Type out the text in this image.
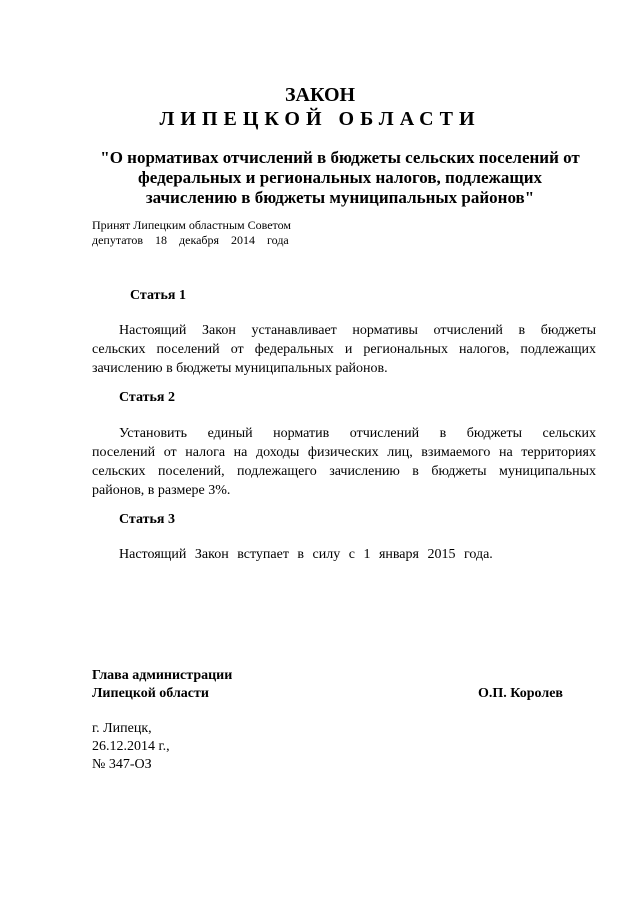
ЗАКОН
ЛИПЕЦКОЙ ОБЛАСТИ
"О нормативах отчислений в бюджеты сельских поселений от
федеральных и региональных налогов, подлежащих
зачислению в бюджеты муниципальных районов"
Принят Липецким областным Советом
депутатов 18 декабря 2014 года
Статья 1
Настоящий Закон устанавливает нормативы отчислений в бюджеты
сельских поселений от федеральных и региональных налогов, подлежащих
зачислению в бюджеты муниципальных районов.
Статья 2
Установить единый норматив отчислений в бюджеты сельских
поселений от налога на доходы физических лиц, взимаемого на территориях
сельских поселений, подлежащего зачислению в бюджеты муниципальных
районов, в размере 3%.
Статья 3
Настоящий Закон вступает в силу с 1 января 2015 года.
Глава администрации
Липецкой области	О.П. Королев
г. Липецк,
26.12.2014 г.,
№ 347-ОЗ
